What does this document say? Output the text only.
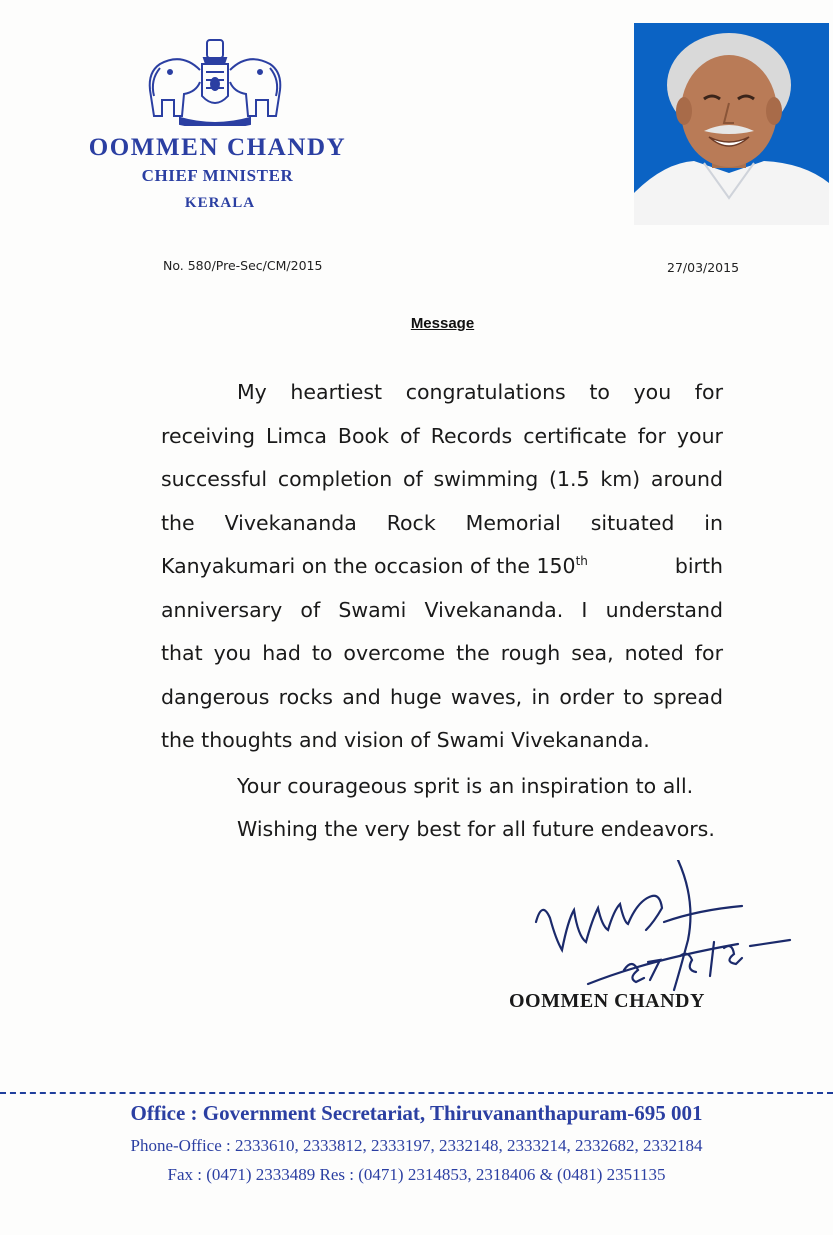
OOMMEN CHANDY
CHIEF MINISTER
KERALA
No. 580/Pre-Sec/CM/2015	27/03/2015
Message
My heartiest congratulations to you for
receiving Limca Book of Records certificate for your
successful completion of swimming (1.5 km) around
the Vivekananda Rock Memorial situated in
Kanyakumari on the occasion of the 150th	birth
anniversary of Swami Vivekananda. I understand
that you had to overcome the rough sea, noted for
dangerous rocks and huge waves, in order to spread
the thoughts and vision of Swami Vivekananda.
Your courageous sprit is an inspiration to all.
Wishing the very best for all future endeavors.
OOMMEN CHANDY
Office : Government Secretariat, Thiruvananthapuram-695 001
Phone-Office : 2333610, 2333812, 2333197, 2332148, 2333214, 2332682, 2332184
Fax : (0471) 2333489 Res : (0471) 2314853, 2318406 & (0481) 2351135
